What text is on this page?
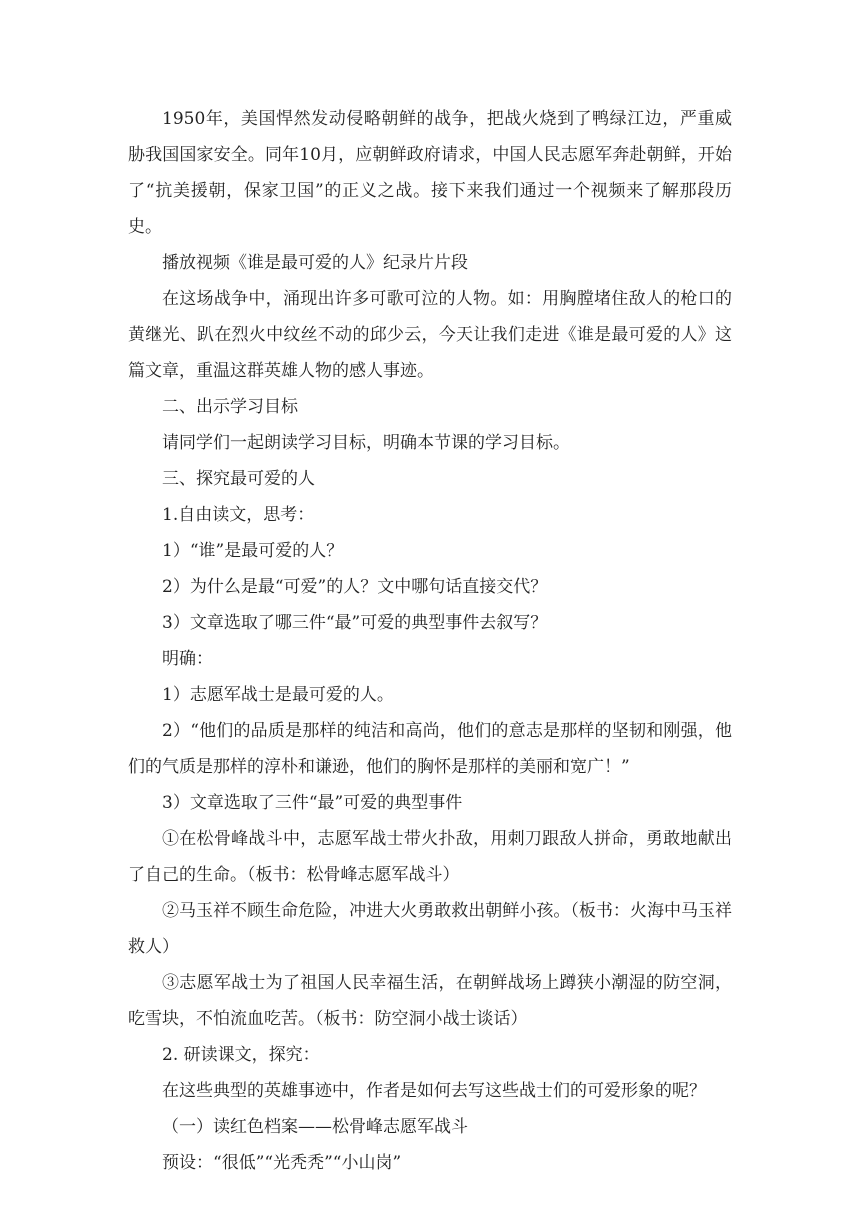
1950年，美国悍然发动侵略朝鲜的战争，把战火烧到了鸭绿江边，严重威胁我国国家安全。同年10月，应朝鲜政府请求，中国人民志愿军奔赴朝鲜，开始了“抗美援朝，保家卫国”的正义之战。接下来我们通过一个视频来了解那段历史。

播放视频《谁是最可爱的人》纪录片片段

在这场战争中，涌现出许多可歌可泣的人物。如：用胸膛堵住敌人的枪口的黄继光、趴在烈火中纹丝不动的邱少云，今天让我们走进《谁是最可爱的人》这篇文章，重温这群英雄人物的感人事迹。

二、出示学习目标

请同学们一起朗读学习目标，明确本节课的学习目标。

三、探究最可爱的人

1.自由读文，思考：

1）“谁”是最可爱的人？

2）为什么是最“可爱”的人？文中哪句话直接交代？

3）文章选取了哪三件“最”可爱的典型事件去叙写？

明确：

1）志愿军战士是最可爱的人。

2）“他们的品质是那样的纯洁和高尚，他们的意志是那样的坚韧和刚强，他们的气质是那样的淳朴和谦逊，他们的胸怀是那样的美丽和宽广！”

3）文章选取了三件“最”可爱的典型事件

①在松骨峰战斗中，志愿军战士带火扑敌，用刺刀跟敌人拼命，勇敢地献出了自己的生命。（板书：松骨峰志愿军战斗）

②马玉祥不顾生命危险，冲进大火勇敢救出朝鲜小孩。（板书：火海中马玉祥救人）

③志愿军战士为了祖国人民幸福生活，在朝鲜战场上蹲狭小潮湿的防空洞，吃雪块，不怕流血吃苦。（板书：防空洞小战士谈话）

2. 研读课文，探究：

在这些典型的英雄事迹中，作者是如何去写这些战士们的可爱形象的呢？

（一）读红色档案——松骨峰志愿军战斗

预设：“很低”“光秃秃”“小山岗”
